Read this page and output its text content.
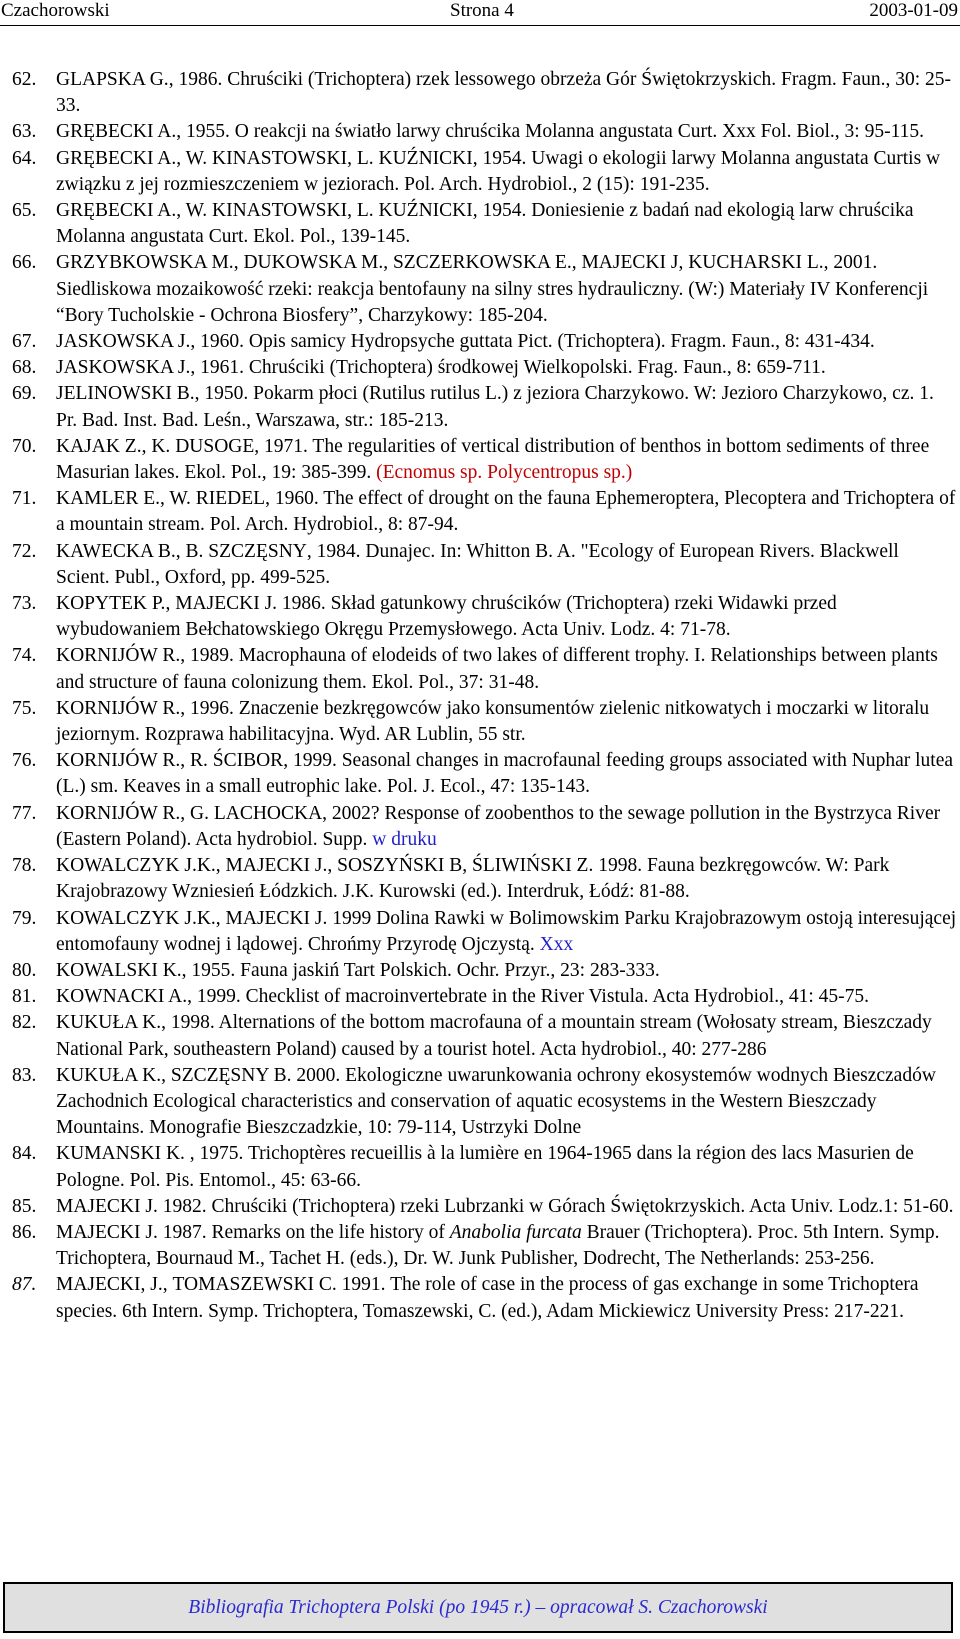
Czachorowski	Strona 4	2003-01-09
62.	GLAPSKA G., 1986. Chruściki (Trichoptera) rzek lessowego obrzeża Gór Świętokrzyskich. Fragm. Faun., 30: 25-33.
63.	GRĘBECKI A., 1955. O reakcji na światło larwy chruścika Molanna angustata Curt. Xxx Fol. Biol., 3: 95-115.
64.	GRĘBECKI A., W. KINASTOWSKI, L. KUŹNICKI, 1954. Uwagi o ekologii larwy Molanna angustata Curtis w związku z jej rozmieszczeniem w jeziorach. Pol. Arch. Hydrobiol., 2 (15): 191-235.
65.	GRĘBECKI A., W. KINASTOWSKI, L. KUŹNICKI, 1954. Doniesienie z badań nad ekologią larw chruścika Molanna angustata Curt. Ekol. Pol., 139-145.
66.	GRZYBKOWSKA M., DUKOWSKA M., SZCZERKOWSKA E., MAJECKI J, KUCHARSKI L., 2001. Siedliskowa mozaikowość rzeki: reakcja bentofauny na silny stres hydrauliczny. (W:) Materiały IV Konferencji “Bory Tucholskie - Ochrona Biosfery”, Charzykowy: 185-204.
67.	JASKOWSKA J., 1960. Opis samicy Hydropsyche guttata Pict. (Trichoptera). Fragm. Faun., 8: 431-434.
68.	JASKOWSKA J., 1961. Chruściki (Trichoptera) środkowej Wielkopolski. Frag. Faun., 8: 659-711.
69.	JELINOWSKI B., 1950. Pokarm płoci (Rutilus rutilus L.) z jeziora Charzykowo. W: Jezioro Charzykowo, cz. 1. Pr. Bad. Inst. Bad. Leśn., Warszawa, str.: 185-213.
70.	KAJAK Z., K. DUSOGE, 1971. The regularities of vertical distribution of benthos in bottom sediments of three Masurian lakes. Ekol. Pol., 19: 385-399. (Ecnomus sp. Polycentropus sp.)
71.	KAMLER E., W. RIEDEL, 1960. The effect of drought on the fauna Ephemeroptera, Plecoptera and Trichoptera of a mountain stream. Pol. Arch. Hydrobiol., 8: 87-94.
72.	KAWECKA B., B. SZCZĘSNY, 1984. Dunajec. In: Whitton B. A. "Ecology of European Rivers. Blackwell Scient. Publ., Oxford, pp. 499-525.
73.	KOPYTEK P., MAJECKI J. 1986. Skład gatunkowy chruścików (Trichoptera) rzeki Widawki przed wybudowaniem Bełchatowskiego Okręgu Przemysłowego. Acta Univ. Lodz. 4: 71-78.
74.	KORNIJÓW R., 1989. Macrophauna of elodeids of two lakes of different trophy. I. Relationships between plants and structure of fauna colonizung them. Ekol. Pol., 37: 31-48.
75.	KORNIJÓW R., 1996. Znaczenie bezkręgowców jako konsumentów zielenic nitkowatych i moczarki w litoralu jeziornym. Rozprawa habilitacyjna. Wyd. AR Lublin, 55 str.
76.	KORNIJÓW R., R. ŚCIBOR, 1999. Seasonal changes in macrofaunal feeding groups associated with Nuphar lutea (L.) sm. Keaves in a small eutrophic lake. Pol. J. Ecol., 47: 135-143.
77.	KORNIJÓW R., G. LACHOCKA, 2002? Response of zoobenthos to the sewage pollution in the Bystrzyca River (Eastern Poland). Acta hydrobiol. Supp. w druku
78.	KOWALCZYK J.K., MAJECKI J., SOSZYŃSKI B, ŚLIWIŃSKI Z. 1998. Fauna bezkręgowców. W: Park Krajobrazowy Wzniesień Łódzkich. J.K. Kurowski (ed.). Interdruk, Łódź: 81-88.
79.	KOWALCZYK J.K., MAJECKI J. 1999 Dolina Rawki w Bolimowskim Parku Krajobrazowym ostoją interesującej entomofauny wodnej i lądowej. Chrońmy Przyrodę Ojczystą. Xxx
80.	KOWALSKI K., 1955. Fauna jaskiń Tart Polskich. Ochr. Przyr., 23: 283-333.
81.	KOWNACKI A., 1999. Checklist of macroinvertebrate in the River Vistula. Acta Hydrobiol., 41: 45-75.
82.	KUKUŁA K., 1998. Alternations of the bottom macrofauna of a mountain stream (Wołosaty stream, Bieszczady National Park, southeastern Poland) caused by a tourist hotel. Acta hydrobiol., 40: 277-286
83.	KUKUŁA K., SZCZĘSNY B. 2000. Ekologiczne uwarunkowania ochrony ekosystemów wodnych Bieszczadów Zachodnich Ecological characteristics and conservation of aquatic ecosystems in the Western Bieszczady Mountains. Monografie Bieszczadzkie, 10: 79-114, Ustrzyki Dolne
84.	KUMANSKI K. , 1975. Trichoptères recueillis à la lumière en 1964-1965 dans la région des lacs Masurien de Pologne. Pol. Pis. Entomol., 45: 63-66.
85.	MAJECKI J. 1982. Chruściki (Trichoptera) rzeki Lubrzanki w Górach Świętokrzyskich. Acta Univ. Lodz.1: 51-60.
86.	MAJECKI J. 1987. Remarks on the life history of Anabolia furcata Brauer (Trichoptera). Proc. 5th Intern. Symp. Trichoptera, Bournaud M., Tachet H. (eds.), Dr. W. Junk Publisher, Dodrecht, The Netherlands: 253-256.
87.	MAJECKI, J., TOMASZEWSKI C. 1991. The role of case in the process of gas exchange in some Trichoptera species. 6th Intern. Symp. Trichoptera, Tomaszewski, C. (ed.), Adam Mickiewicz University Press: 217-221.
Bibliografia Trichoptera Polski (po 1945 r.) – opracował S. Czachorowski
